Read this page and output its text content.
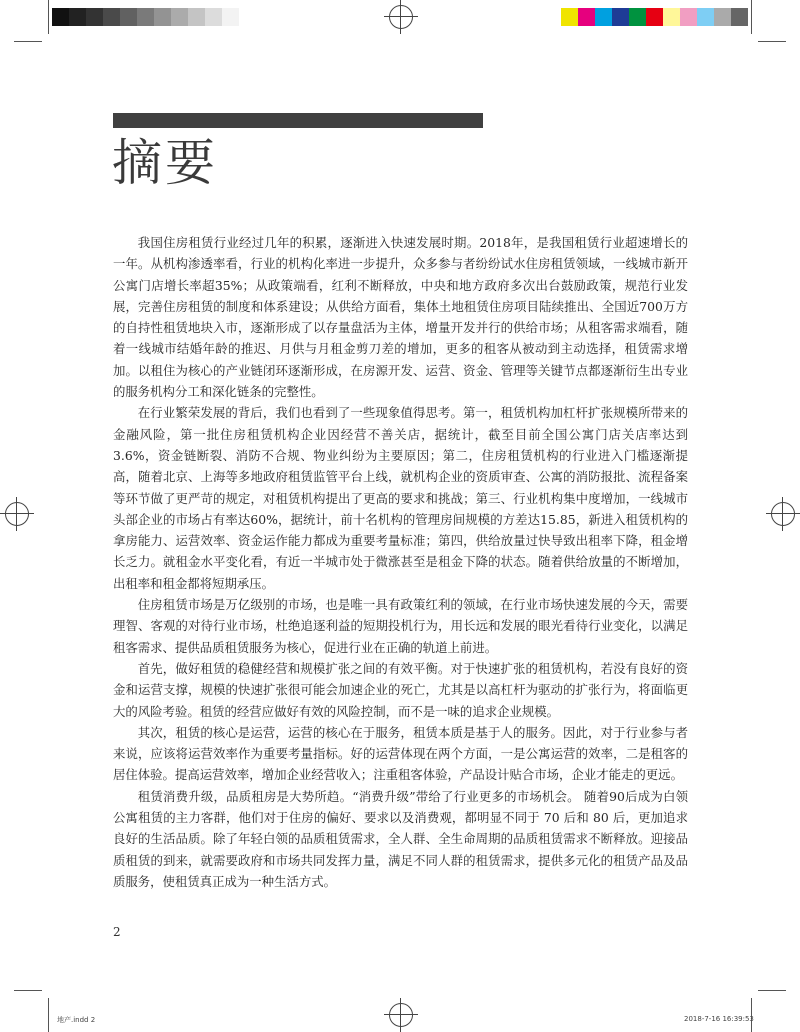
摘要

我国住房租赁行业经过几年的积累，逐渐进入快速发展时期。2018年，是我国租赁行业超速增长的一年。从机构渗透率看，行业的机构化率进一步提升，众多参与者纷纷试水住房租赁领域，一线城市新开公寓门店增长率超35%；从政策端看，红利不断释放，中央和地方政府多次出台鼓励政策，规范行业发展，完善住房租赁的制度和体系建设；从供给方面看，集体土地租赁住房项目陆续推出、全国近700万方的自持性租赁地块入市，逐渐形成了以存量盘活为主体，增量开发并行的供给市场；从租客需求端看，随着一线城市结婚年龄的推迟、月供与月租金剪刀差的增加，更多的租客从被动到主动选择，租赁需求增加。以租住为核心的产业链闭环逐渐形成，在房源开发、运营、资金、管理等关键节点都逐渐衍生出专业的服务机构分工和深化链条的完整性。

在行业繁荣发展的背后，我们也看到了一些现象值得思考。第一，租赁机构加杠杆扩张规模所带来的金融风险，第一批住房租赁机构企业因经营不善关店，据统计，截至目前全国公寓门店关店率达到3.6%，资金链断裂、消防不合规、物业纠纷为主要原因；第二，住房租赁机构的行业进入门槛逐渐提高，随着北京、上海等多地政府租赁监管平台上线，就机构企业的资质审查、公寓的消防报批、流程备案等环节做了更严苛的规定，对租赁机构提出了更高的要求和挑战；第三、行业机构集中度增加，一线城市头部企业的市场占有率达60%，据统计，前十名机构的管理房间规模的方差达15.85，新进入租赁机构的拿房能力、运营效率、资金运作能力都成为重要考量标准；第四，供给放量过快导致出租率下降，租金增长乏力。就租金水平变化看，有近一半城市处于微涨甚至是租金下降的状态。随着供给放量的不断增加，出租率和租金都将短期承压。

住房租赁市场是万亿级别的市场，也是唯一具有政策红利的领域，在行业市场快速发展的今天，需要理智、客观的对待行业市场，杜绝追逐利益的短期投机行为，用长远和发展的眼光看待行业变化，以满足租客需求、提供品质租赁服务为核心，促进行业在正确的轨道上前进。

首先，做好租赁的稳健经营和规模扩张之间的有效平衡。对于快速扩张的租赁机构，若没有良好的资金和运营支撑，规模的快速扩张很可能会加速企业的死亡，尤其是以高杠杆为驱动的扩张行为，将面临更大的风险考验。租赁的经营应做好有效的风险控制，而不是一味的追求企业规模。

其次，租赁的核心是运营，运营的核心在于服务，租赁本质是基于人的服务。因此，对于行业参与者来说，应该将运营效率作为重要考量指标。好的运营体现在两个方面，一是公寓运营的效率，二是租客的居住体验。提高运营效率，增加企业经营收入；注重租客体验，产品设计贴合市场，企业才能走的更远。

租赁消费升级，品质租房是大势所趋。“消费升级”带给了行业更多的市场机会。 随着90后成为白领公寓租赁的主力客群，他们对于住房的偏好、要求以及消费观，都明显不同于 70 后和 80 后，更加追求良好的生活品质。除了年轻白领的品质租赁需求，全人群、全生命周期的品质租赁需求不断释放。迎接品质租赁的到来，就需要政府和市场共同发挥力量，满足不同人群的租赁需求，提供多元化的租赁产品及品质服务，使租赁真正成为一种生活方式。

2
地产.indd 2	2018-7-16 16:39:53
